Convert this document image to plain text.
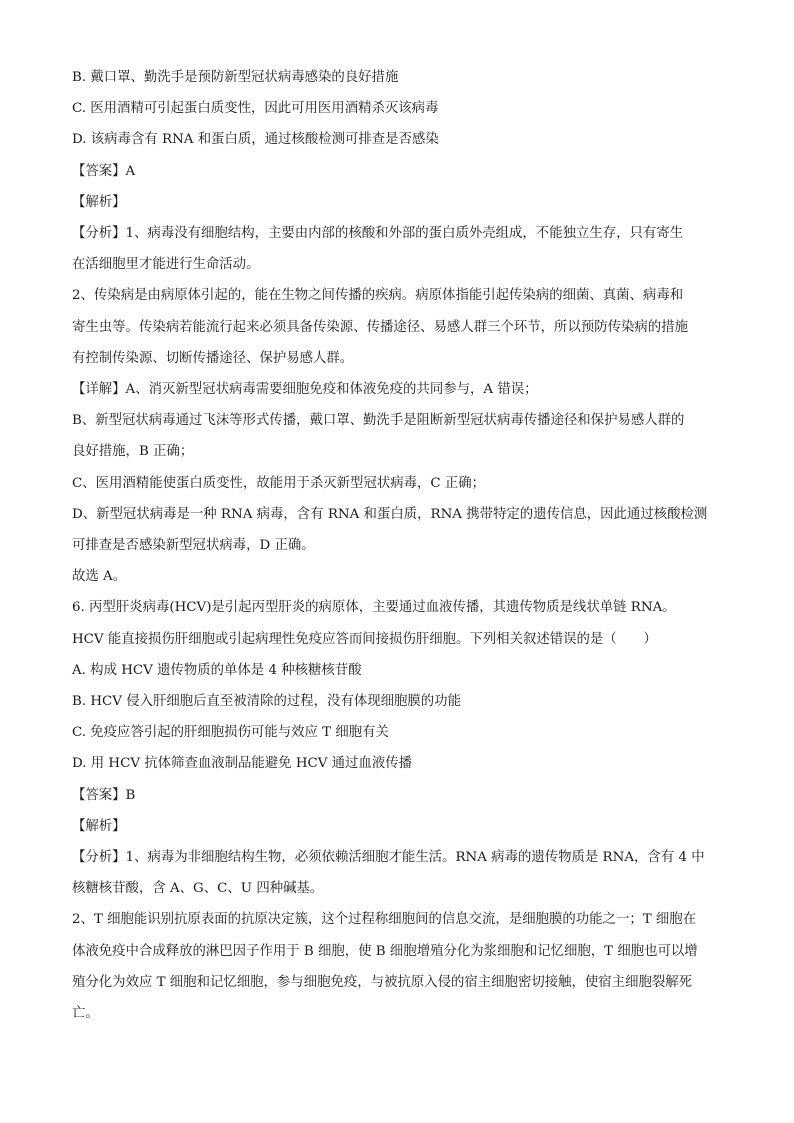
B. 戴口罩、勤洗手是预防新型冠状病毒感染的良好措施

C. 医用酒精可引起蛋白质变性，因此可用医用酒精杀灭该病毒

D. 该病毒含有 RNA 和蛋白质，通过核酸检测可排查是否感染

【答案】A

【解析】

【分析】1、病毒没有细胞结构，主要由内部的核酸和外部的蛋白质外壳组成，不能独立生存，只有寄生

在活细胞里才能进行生命活动。

2、传染病是由病原体引起的，能在生物之间传播的疾病。病原体指能引起传染病的细菌、真菌、病毒和

寄生虫等。传染病若能流行起来必须具备传染源、传播途径、易感人群三个环节，所以预防传染病的措施

有控制传染源、切断传播途径、保护易感人群。

【详解】A、消灭新型冠状病毒需要细胞免疫和体液免疫的共同参与，A 错误；

B、新型冠状病毒通过飞沫等形式传播，戴口罩、勤洗手是阻断新型冠状病毒传播途径和保护易感人群的

良好措施，B 正确；

C、医用酒精能使蛋白质变性，故能用于杀灭新型冠状病毒，C 正确；

D、新型冠状病毒是一种 RNA 病毒，含有 RNA 和蛋白质，RNA 携带特定的遗传信息，因此通过核酸检测

可排查是否感染新型冠状病毒，D 正确。

故选 A。

6. 丙型肝炎病毒(HCV)是引起丙型肝炎的病原体，主要通过血液传播，其遗传物质是线状单链 RNA。

HCV 能直接损伤肝细胞或引起病理性免疫应答而间接损伤肝细胞。下列相关叙述错误的是（　　）

A. 构成 HCV 遗传物质的单体是 4 种核糖核苷酸

B. HCV 侵入肝细胞后直至被清除的过程，没有体现细胞膜的功能

C. 免疫应答引起的肝细胞损伤可能与效应 T 细胞有关

D. 用 HCV 抗体筛查血液制品能避免 HCV 通过血液传播

【答案】B

【解析】

【分析】1、病毒为非细胞结构生物，必须依赖活细胞才能生活。RNA 病毒的遗传物质是 RNA，含有 4 中

核糖核苷酸，含 A、G、C、U 四种碱基。

2、T 细胞能识别抗原表面的抗原决定簇，这个过程称细胞间的信息交流，是细胞膜的功能之一；T 细胞在

体液免疫中合成释放的淋巴因子作用于 B 细胞，使 B 细胞增殖分化为浆细胞和记忆细胞，T 细胞也可以增

殖分化为效应 T 细胞和记忆细胞，参与细胞免疫，与被抗原入侵的宿主细胞密切接触，使宿主细胞裂解死

亡。
